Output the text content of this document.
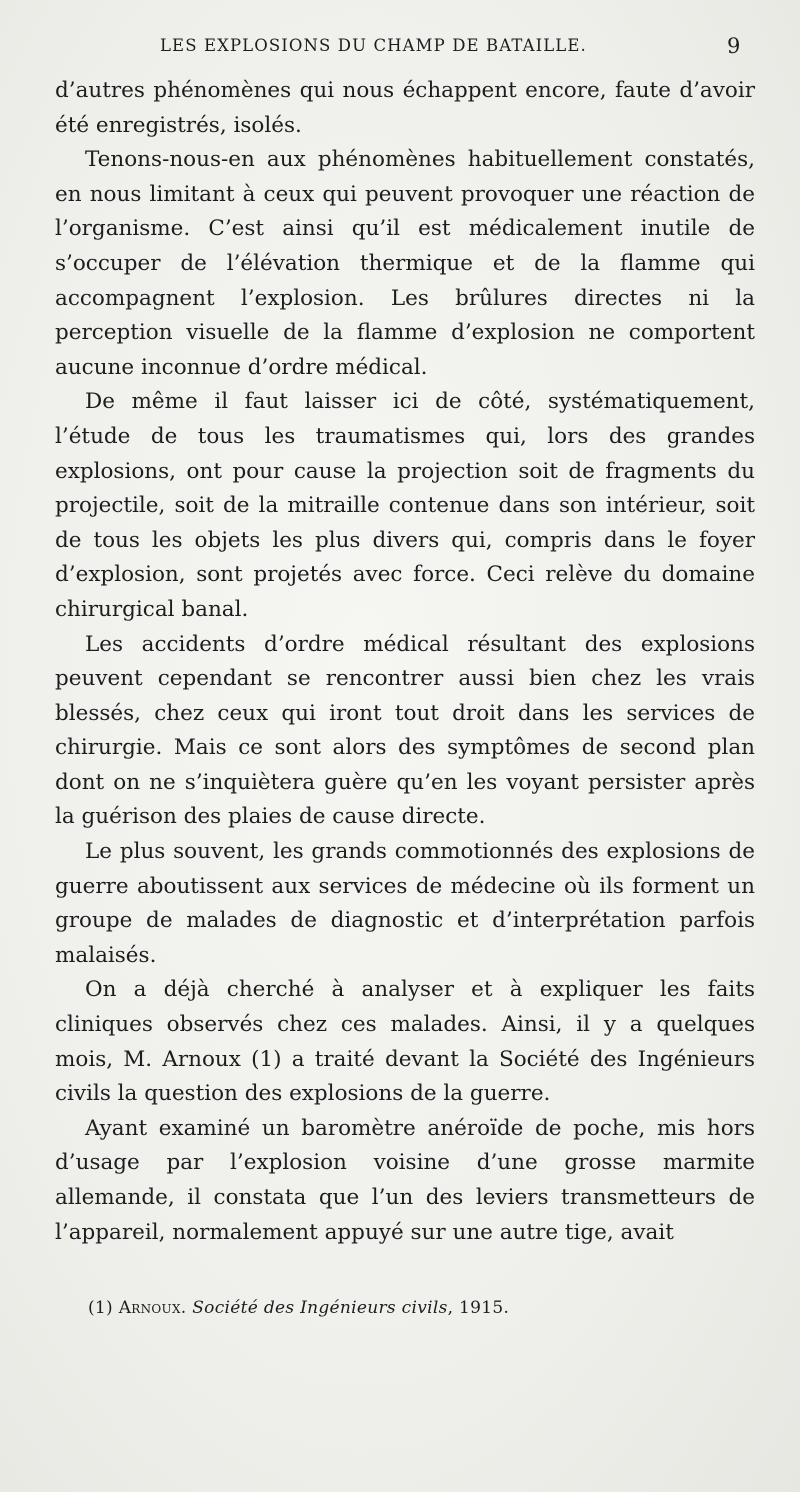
LES EXPLOSIONS DU CHAMP DE BATAILLE.	9

d’autres phénomènes qui nous échappent encore, faute d’avoir été enregistrés, isolés.

Tenons-nous-en aux phénomènes habituellement constatés, en nous limitant à ceux qui peuvent provoquer une réaction de l’organisme. C’est ainsi qu’il est médicalement inutile de s’occuper de l’élévation thermique et de la flamme qui accompagnent l’explosion. Les brûlures directes ni la perception visuelle de la flamme d’explosion ne comportent aucune inconnue d’ordre médical.

De même il faut laisser ici de côté, systématiquement, l’étude de tous les traumatismes qui, lors des grandes explosions, ont pour cause la projection soit de fragments du projectile, soit de la mitraille contenue dans son intérieur, soit de tous les objets les plus divers qui, compris dans le foyer d’explosion, sont projetés avec force. Ceci relève du domaine chirurgical banal.

Les accidents d’ordre médical résultant des explosions peuvent cependant se rencontrer aussi bien chez les vrais blessés, chez ceux qui iront tout droit dans les services de chirurgie. Mais ce sont alors des symptômes de second plan dont on ne s’inquiètera guère qu’en les voyant persister après la guérison des plaies de cause directe.

Le plus souvent, les grands commotionnés des explosions de guerre aboutissent aux services de médecine où ils forment un groupe de malades de diagnostic et d’interprétation parfois malaisés.

On a déjà cherché à analyser et à expliquer les faits cliniques observés chez ces malades. Ainsi, il y a quelques mois, M. Arnoux (1) a traité devant la Société des Ingénieurs civils la question des explosions de la guerre.

Ayant examiné un baromètre anéroïde de poche, mis hors d’usage par l’explosion voisine d’une grosse marmite allemande, il constata que l’un des leviers transmetteurs de l’appareil, normalement appuyé sur une autre tige, avait

(1) Arnoux. Société des Ingénieurs civils, 1915.
